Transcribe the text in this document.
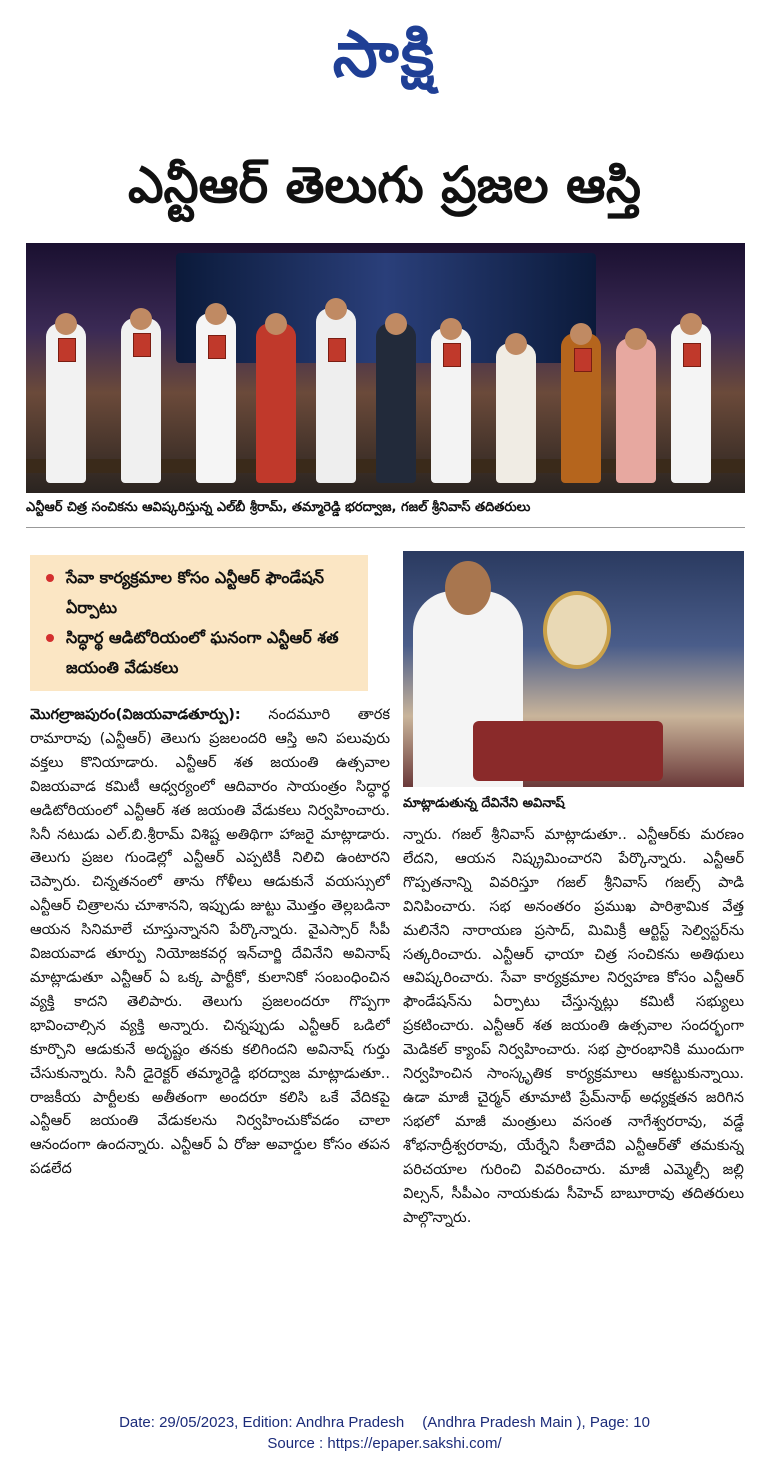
సాక్షి
ఎన్టీఆర్ తెలుగు ప్రజల ఆస్తి
ఎన్టీఆర్ చిత్ర సంచికను ఆవిష్కరిస్తున్న ఎల్‌బీ శ్రీరామ్, తమ్మారెడ్డి భరద్వాజ, గజల్ శ్రీనివాస్ తదితరులు
సేవా కార్యక్రమాల కోసం ఎన్టీఆర్ ఫౌండేషన్ ఏర్పాటు
సిద్ధార్థ ఆడిటోరియంలో ఘనంగా ఎన్టీఆర్ శత జయంతి వేడుకలు
మాట్లాడుతున్న దేవినేని అవినాష్
మొగల్రాజపురం(విజయవాడతూర్పు): నందమూరి తారక రామారావు (ఎన్టీఆర్) తెలుగు ప్రజలందరి ఆస్తి అని పలువురు వక్తలు కొనియాడారు. ఎన్టీఆర్ శత జయంతి ఉత్సవాల విజయవాడ కమిటీ ఆధ్వర్యంలో ఆదివారం సాయంత్రం సిద్ధార్థ ఆడిటోరియంలో ఎన్టీఆర్ శత జయంతి వేడుకలు నిర్వహించారు. సినీ నటుడు ఎల్.బి.శ్రీరామ్ విశిష్ట అతిథిగా హాజరై మాట్లాడారు. తెలుగు ప్రజల గుండెల్లో ఎన్టీఆర్ ఎప్పటికీ నిలిచి ఉంటారని చెప్పారు. చిన్నతనంలో తాను గోళీలు ఆడుకునే వయస్సులో ఎన్టీఆర్ చిత్రాలను చూశానని, ఇప్పుడు జుట్టు మొత్తం తెల్లబడినా ఆయన సినిమాలే చూస్తున్నానని పేర్కొన్నారు. వైఎస్సార్ సీపీ విజయవాడ తూర్పు నియోజకవర్గ ఇన్‌చార్జి దేవినేని అవినాష్ మాట్లాడుతూ ఎన్టీఆర్ ఏ ఒక్క పార్టీకో, కులానికో సంబంధించిన వ్యక్తి కాదని తెలిపారు. తెలుగు ప్రజలందరూ గొప్పగా భావించాల్సిన వ్యక్తి అన్నారు. చిన్నప్పుడు ఎన్టీఆర్ ఒడిలో కూర్చొని ఆడుకునే అదృష్టం తనకు కలిగిందని అవినాష్ గుర్తు చేసుకున్నారు. సినీ డైరెక్టర్ తమ్మారెడ్డి భరద్వాజ మాట్లాడుతూ.. రాజకీయ పార్టీలకు అతీతంగా అందరూ కలిసి ఒకే వేదికపై ఎన్టీఆర్ జయంతి వేడుకలను నిర్వహించుకోవడం చాలా ఆనందంగా ఉందన్నారు. ఎన్టీఆర్ ఏ రోజు అవార్డుల కోసం తపన పడలేద
న్నారు. గజల్ శ్రీనివాస్ మాట్లాడుతూ.. ఎన్టీఆర్‌కు మరణం లేదని, ఆయన నిష్క్రమించారని పేర్కొన్నారు. ఎన్టీఆర్ గొప్పతనాన్ని వివరిస్తూ గజల్ శ్రీనివాస్ గజల్స్ పాడి వినిపించారు. సభ అనంతరం ప్రముఖ పారిశ్రామిక వేత్త మలినేని నారాయణ ప్రసాద్, మిమిక్రీ ఆర్టిస్ట్ సెల్విస్టర్‌ను సత్కరించారు. ఎన్టీఆర్ ఛాయా చిత్ర సంచికను అతిథులు ఆవిష్కరించారు. సేవా కార్యక్రమాల నిర్వహణ కోసం ఎన్టీఆర్ ఫౌండేషన్‌ను ఏర్పాటు చేస్తున్నట్లు కమిటీ సభ్యులు ప్రకటించారు. ఎన్టీఆర్ శత జయంతి ఉత్సవాల సందర్భంగా మెడికల్ క్యాంప్ నిర్వహించారు. సభ ప్రారంభానికి ముందుగా నిర్వహించిన సాంస్కృతిక కార్యక్రమాలు ఆకట్టుకున్నాయి. ఉడా మాజీ చైర్మన్ తూమాటి ప్రేమ్‌నాథ్ అధ్యక్షతన జరిగిన సభలో మాజీ మంత్రులు వసంత నాగేశ్వరరావు, వడ్డే శోభనాద్రీశ్వరరావు, యేర్నేని సీతాదేవి ఎన్టీఆర్‌తో తమకున్న పరిచయాల గురించి వివరించారు. మాజీ ఎమ్మెల్సీ జల్లి విల్సన్, సీపీఎం నాయకుడు సీహెచ్ బాబూరావు తదితరులు పాల్గొన్నారు.
Date: 29/05/2023, Edition: Andhra Pradesh (Andhra Pradesh Main ), Page: 10
Source : https://epaper.sakshi.com/
